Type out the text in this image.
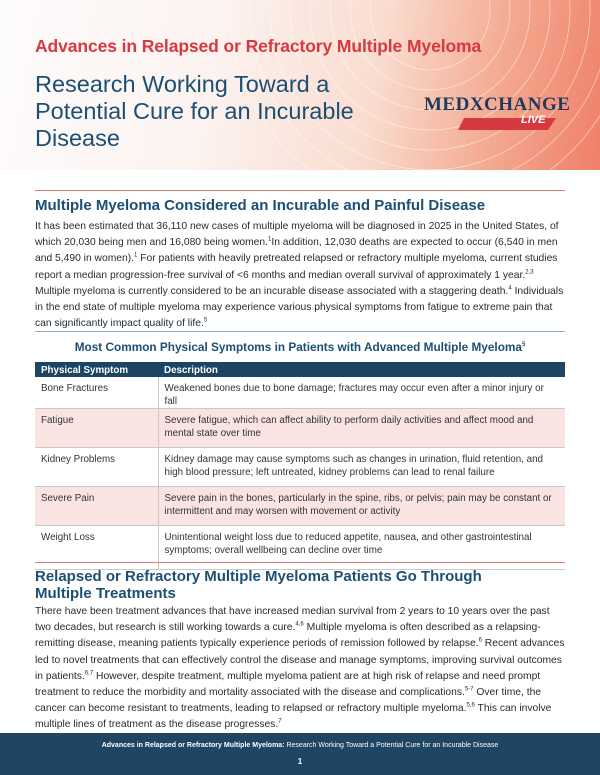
Advances in Relapsed or Refractory Multiple Myeloma
Research Working Toward a Potential Cure for an Incurable Disease
MEDXCHANGE
LIVE
Multiple Myeloma Considered an Incurable and Painful Disease
It has been estimated that 36,110 new cases of multiple myeloma will be diagnosed in 2025 in the United States, of which 20,030 being men and 16,080 being women.$^1$In addition, 12,030 deaths are expected to occur (6,540 in men and 5,490 in women).$^1$ For patients with heavily pretreated relapsed or refractory multiple myeloma, current studies report a median progression-free survival of <6 months and median overall survival of approximately 1 year.$^{2,3}$ Multiple myeloma is currently considered to be an incurable disease associated with a staggering death.$^4$ Individuals in the end state of multiple myeloma may experience various physical symptoms from fatigue to extreme pain that can significantly impact quality of life.$^5$
Most Common Physical Symptoms in Patients with Advanced Multiple Myeloma$^5$
Physical Symptom	Description
Bone Fractures	Weakened bones due to bone damage; fractures may occur even after a minor injury or fall
Fatigue	Severe fatigue, which can affect ability to perform daily activities and affect mood and mental state over time
Kidney Problems	Kidney damage may cause symptoms such as changes in urination, fluid retention, and high blood pressure; left untreated, kidney problems can lead to renal failure
Severe Pain	Severe pain in the bones, particularly in the spine, ribs, or pelvis; pain may be constant or intermittent and may worsen with movement or activity
Weight Loss	Unintentional weight loss due to reduced appetite, nausea, and other gastrointestinal symptoms; overall wellbeing can decline over time
Relapsed or Refractory Multiple Myeloma Patients Go Through Multiple Treatments
There have been treatment advances that have increased median survival from 2 years to 10 years over the past two decades, but research is still working towards a cure.$^{4,6}$ Multiple myeloma is often described as a relapsing-remitting disease, meaning patients typically experience periods of remission followed by relapse.$^6$ Recent advances led to novel treatments that can effectively control the disease and manage symptoms, improving survival outcomes in patients.$^{6,7}$ However, despite treatment, multiple myeloma patient are at high risk of relapse and need prompt treatment to reduce the morbidity and mortality associated with the disease and complications.$^{5-7}$ Over time, the cancer can become resistant to treatments, leading to relapsed or refractory multiple myeloma.$^{5,6}$ This can involve multiple lines of treatment as the disease progresses.$^7$
Advances in Relapsed or Refractory Multiple Myeloma: Research Working Toward a Potential Cure for an Incurable Disease
1
